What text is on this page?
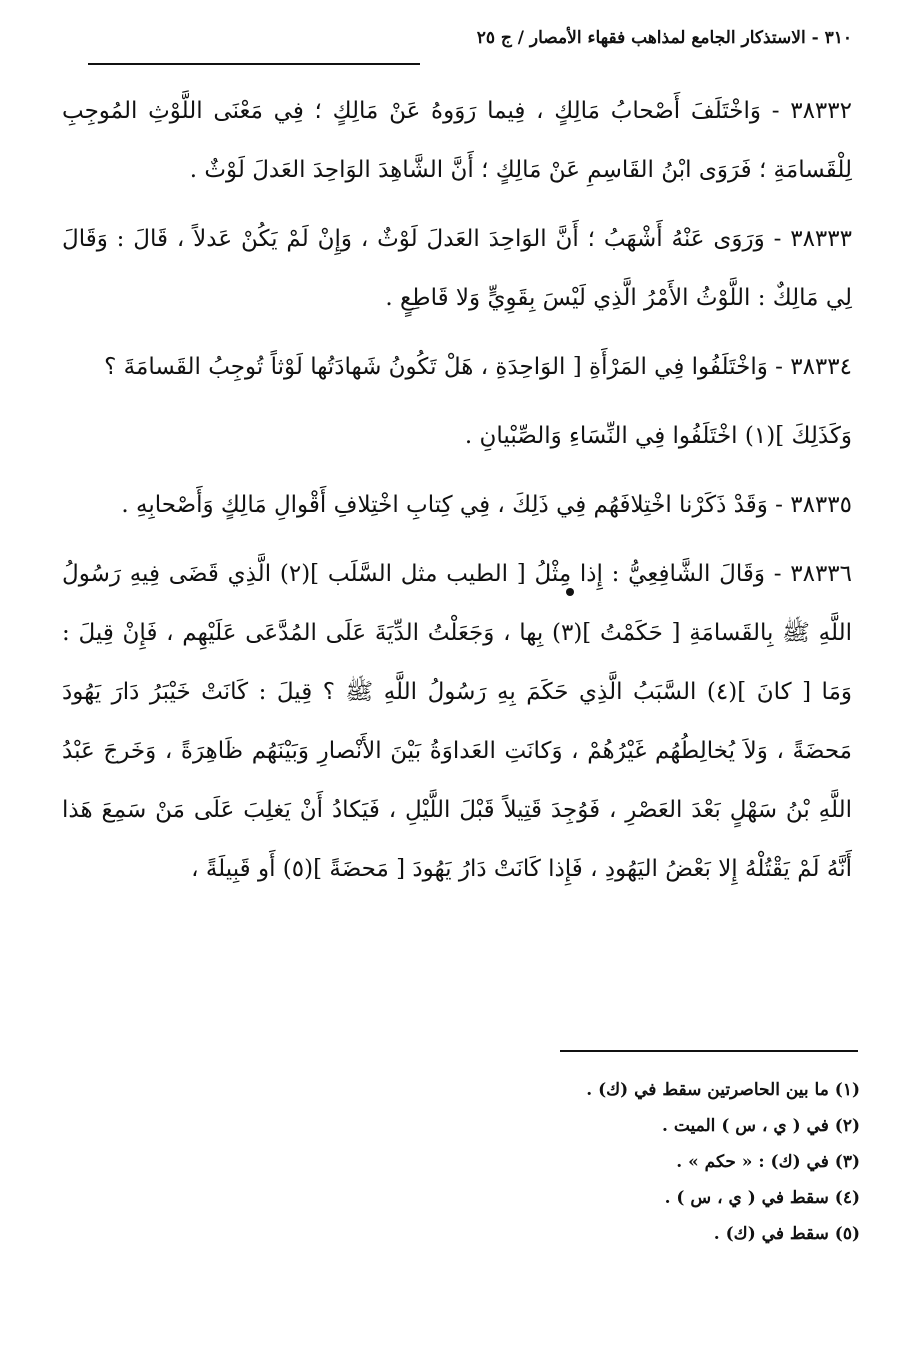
٣١٠ - الاستذكار الجامع لمذاهب فقهاء الأمصار / ج ٢٥

٣٨٣٣٢ - وَاخْتَلَفَ أَصْحابُ مَالِكٍ ، فِيما رَوَوهُ عَنْ مَالِكٍ ؛ فِي مَعْنَى اللَّوْثِ المُوجِبِ لِلْقَسامَةِ ؛ فَرَوَى ابْنُ القَاسِمِ عَنْ مَالِكٍ ؛ أَنَّ الشَّاهِدَ الوَاحِدَ العَدلَ لَوْثٌ .

٣٨٣٣٣ - وَرَوَى عَنْهُ أَشْهَبُ ؛ أَنَّ الوَاحِدَ العَدلَ لَوْثٌ ، وَإِنْ لَمْ يَكُنْ عَدلاً ، قَالَ : وَقَالَ لِي مَالِكٌ : اللَّوْثُ الأَمْرُ الَّذِي لَيْسَ بِقَوِيٍّ وَلا قَاطِعٍ .

٣٨٣٣٤ - وَاخْتَلَفُوا فِي المَرْأَةِ [ الوَاحِدَةِ ، هَلْ تَكُونُ شَهادَتُها لَوْثاً تُوجِبُ القَسامَةَ ؟

وَكَذَلِكَ ](١) اخْتَلَفُوا فِي النِّسَاءِ وَالصِّبْيانِ .

٣٨٣٣٥ - وَقَدْ ذَكَرْنا اخْتِلافَهُم فِي ذَلِكَ ، فِي كِتابِ اخْتِلافِ أَقْوالِ مَالِكٍ وَأَصْحابِهِ .

٣٨٣٣٦ - وَقَالَ الشَّافِعِيُّ : إِذا مِثْلُ [ الطيب مثل السَّلَب ](٢) الَّذِي قَضَى فِيهِ رَسُولُ اللَّهِ ﷺ بِالقَسامَةِ [ حَكَمْتُ ](٣) بِها ، وَجَعَلْتُ الدِّيَةَ عَلَى المُدَّعَى عَلَيْهِم ، فَإِنْ قِيلَ : وَمَا [ كانَ ](٤) السَّبَبُ الَّذِي حَكَمَ بِهِ رَسُولُ اللَّهِ ﷺ ؟ قِيلَ : كَانَتْ خَيْبَرُ دَارَ يَهُودَ مَحضَةً ، وَلاَ يُخالِطُهُم غَيْرُهُمْ ، وَكانَتِ العَداوَةُ بَيْنَ الأَنْصارِ وَبَيْنَهُم ظَاهِرَةً ، وَخَرجَ عَبْدُ اللَّهِ بْنُ سَهْلٍ بَعْدَ العَصْرِ ، فَوُجِدَ قَتِيلاً قَبْلَ اللَّيْلِ ، فَيَكادُ أَنْ يَغلِبَ عَلَى مَنْ سَمِعَ هَذا أَنَّهُ لَمْ يَقْتُلْهُ إِلا بَعْضُ اليَهُودِ ، فَإِذا كَانَتْ دَارُ يَهُودَ [ مَحضَةً ](٥) أَو قَبِيلَةً ،

(١) ما بين الحاصرتين سقط في (ك) .

(٢) في ( ي ، س ) الميت .

(٣) في (ك) : « حكم » .

(٤) سقط في ( ي ، س ) .

(٥) سقط في (ك) .
